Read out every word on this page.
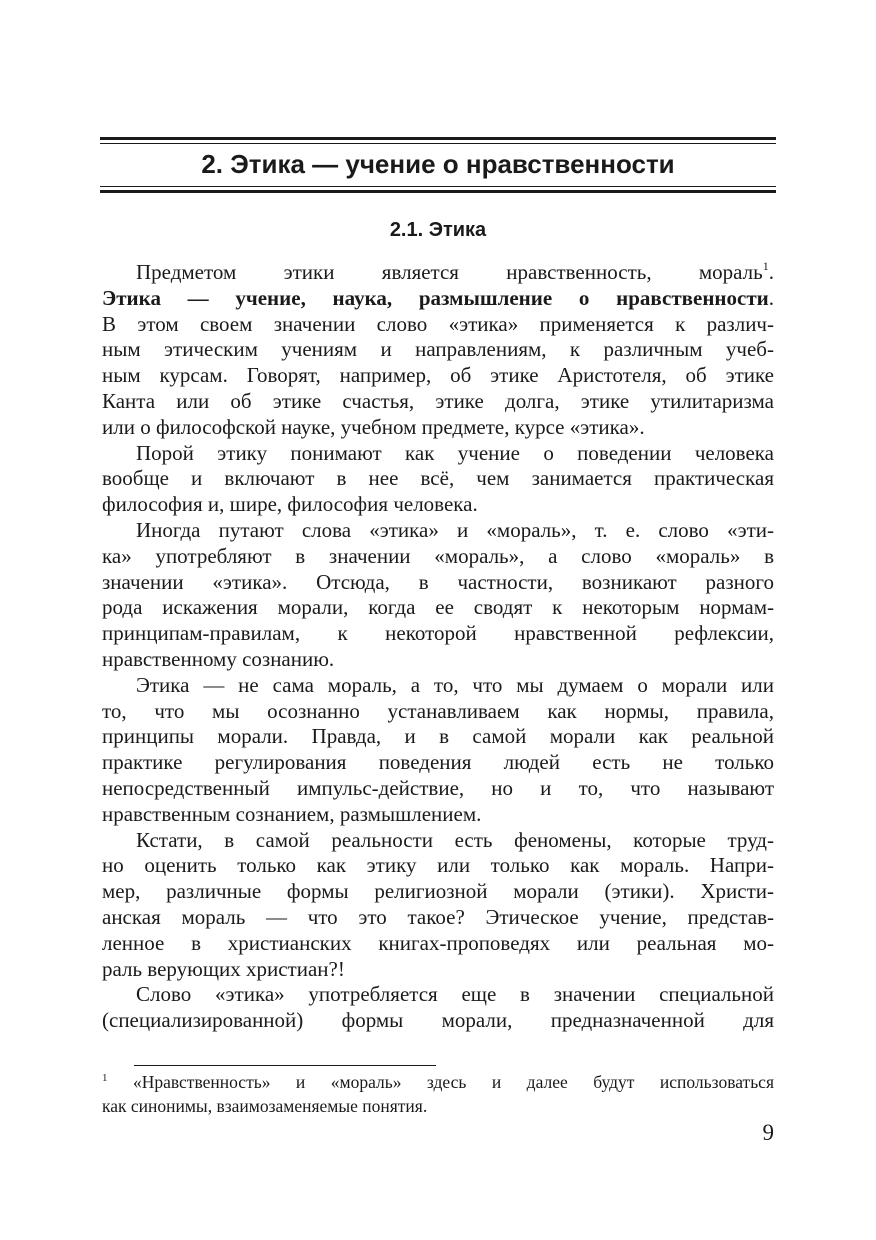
2. Этика — учение о нравственности
2.1. Этика
Предметом этики является нравственность, мораль$^1$.
Этика — учение, наука, размышление о нравственности.
В этом своем значении слово «этика» применяется к различ-
ным этическим учениям и направлениям, к различным учеб-
ным курсам. Говорят, например, об этике Аристотеля, об этике
Канта или об этике счастья, этике долга, этике утилитаризма
или о философской науке, учебном предмете, курсе «этика».
Порой этику понимают как учение о поведении человека
вообще и включают в нее всё, чем занимается практическая
философия и, шире, философия человека.
Иногда путают слова «этика» и «мораль», т. е. слово «эти-
ка» употребляют в значении «мораль», а слово «мораль» в
значении «этика». Отсюда, в частности, возникают разного
рода искажения морали, когда ее сводят к некоторым нормам-
принципам-правилам, к некоторой нравственной рефлексии,
нравственному сознанию.
Этика — не сама мораль, а то, что мы думаем о морали или
то, что мы осознанно устанавливаем как нормы, правила,
принципы морали. Правда, и в самой морали как реальной
практике регулирования поведения людей есть не только
непосредственный импульс-действие, но и то, что называют
нравственным сознанием, размышлением.
Кстати, в самой реальности есть феномены, которые труд-
но оценить только как этику или только как мораль. Напри-
мер, различные формы религиозной морали (этики). Христи-
анская мораль — что это такое? Этическое учение, представ-
ленное в христианских книгах-проповедях или реальная мо-
раль верующих христиан?!
Слово «этика» употребляется еще в значении специальной
(специализированной) формы морали, предназначенной для
$^1$ «Нравственность» и «мораль» здесь и далее будут использоваться
как синонимы, взаимозаменяемые понятия.
9
